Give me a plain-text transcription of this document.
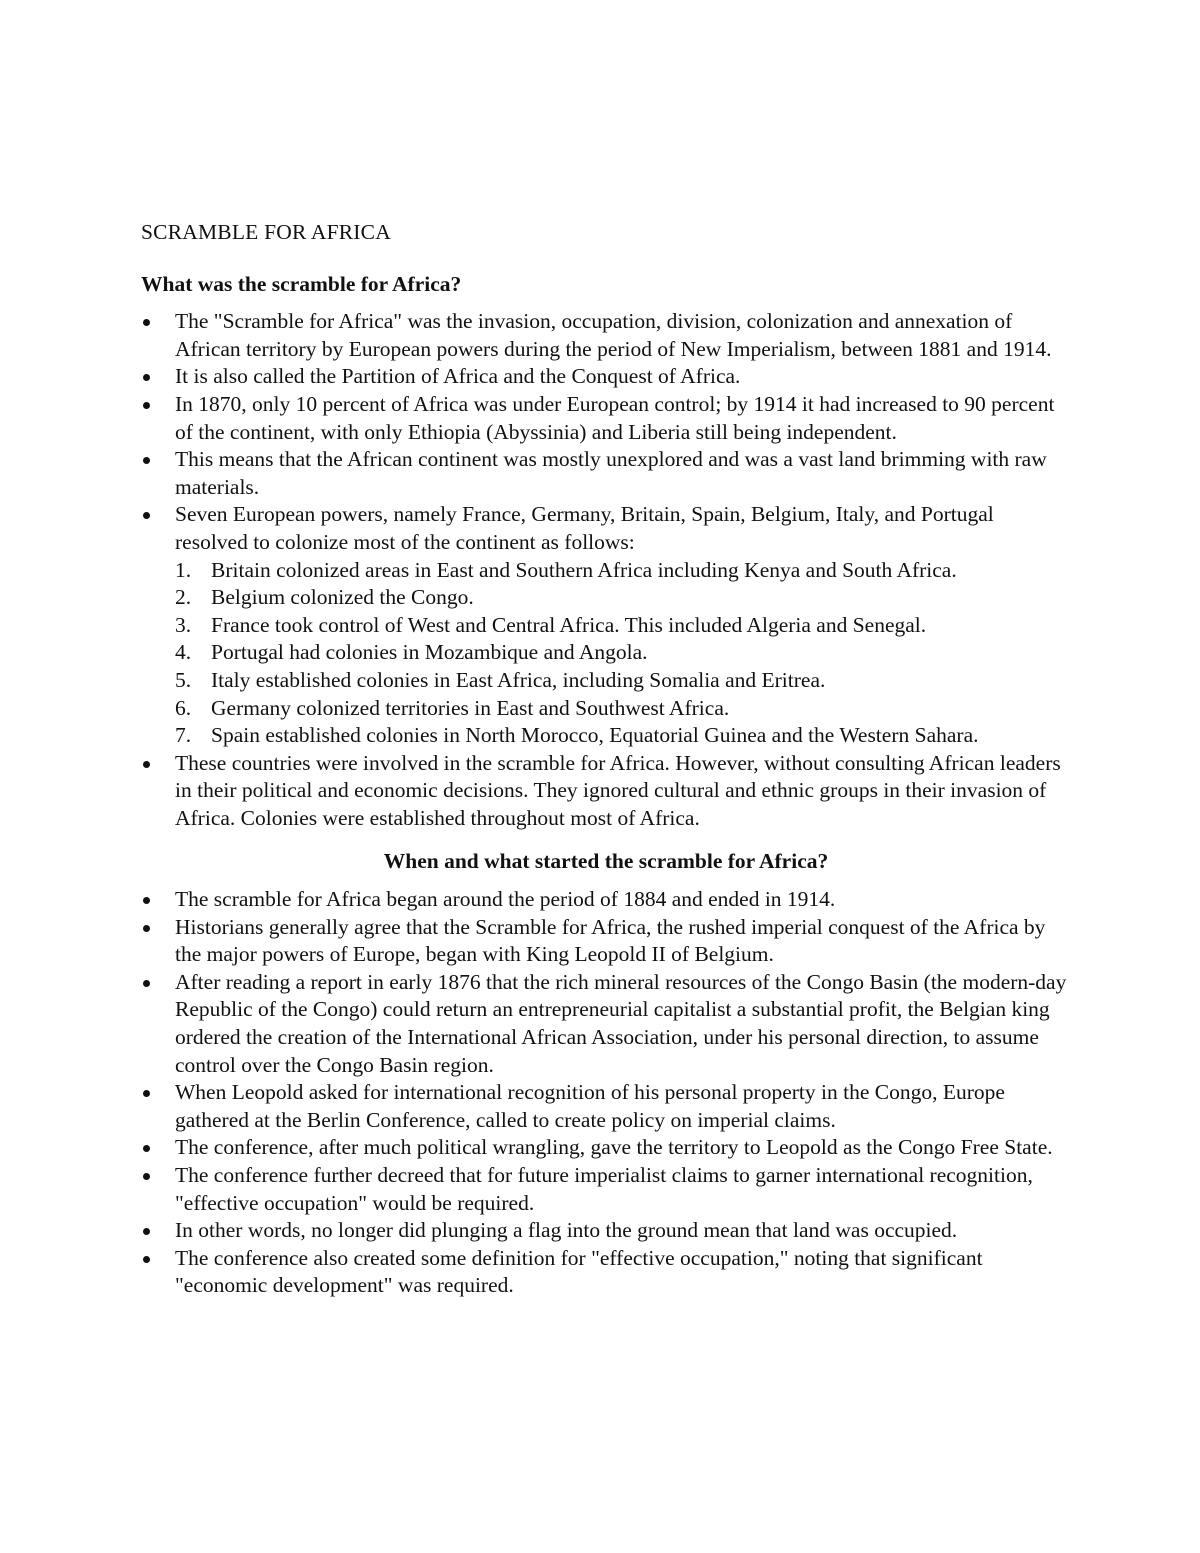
SCRAMBLE FOR AFRICA
What was the scramble for Africa?
The "Scramble for Africa" was the invasion, occupation, division, colonization and annexation of African territory by European powers during the period of New Imperialism, between 1881 and 1914.
It is also called the Partition of Africa and the Conquest of Africa.
In 1870, only 10 percent of Africa was under European control; by 1914 it had increased to 90 percent of the continent, with only Ethiopia (Abyssinia) and Liberia still being independent.
This means that the African continent was mostly unexplored and was a vast land brimming with raw materials.
Seven European powers, namely France, Germany, Britain, Spain, Belgium, Italy, and Portugal resolved to colonize most of the continent as follows:
1. Britain colonized areas in East and Southern Africa including Kenya and South Africa.
2. Belgium colonized the Congo.
3. France took control of West and Central Africa. This included Algeria and Senegal.
4. Portugal had colonies in Mozambique and Angola.
5. Italy established colonies in East Africa, including Somalia and Eritrea.
6. Germany colonized territories in East and Southwest Africa.
7. Spain established colonies in North Morocco, Equatorial Guinea and the Western Sahara.
These countries were involved in the scramble for Africa. However, without consulting African leaders in their political and economic decisions. They ignored cultural and ethnic groups in their invasion of Africa. Colonies were established throughout most of Africa.
When and what started the scramble for Africa?
The scramble for Africa began around the period of 1884 and ended in 1914.
Historians generally agree that the Scramble for Africa, the rushed imperial conquest of the Africa by the major powers of Europe, began with King Leopold II of Belgium.
After reading a report in early 1876 that the rich mineral resources of the Congo Basin (the modern-day Republic of the Congo) could return an entrepreneurial capitalist a substantial profit, the Belgian king ordered the creation of the International African Association, under his personal direction, to assume control over the Congo Basin region.
When Leopold asked for international recognition of his personal property in the Congo, Europe gathered at the Berlin Conference, called to create policy on imperial claims.
The conference, after much political wrangling, gave the territory to Leopold as the Congo Free State.
The conference further decreed that for future imperialist claims to garner international recognition, "effective occupation" would be required.
In other words, no longer did plunging a flag into the ground mean that land was occupied.
The conference also created some definition for "effective occupation," noting that significant "economic development" was required.
